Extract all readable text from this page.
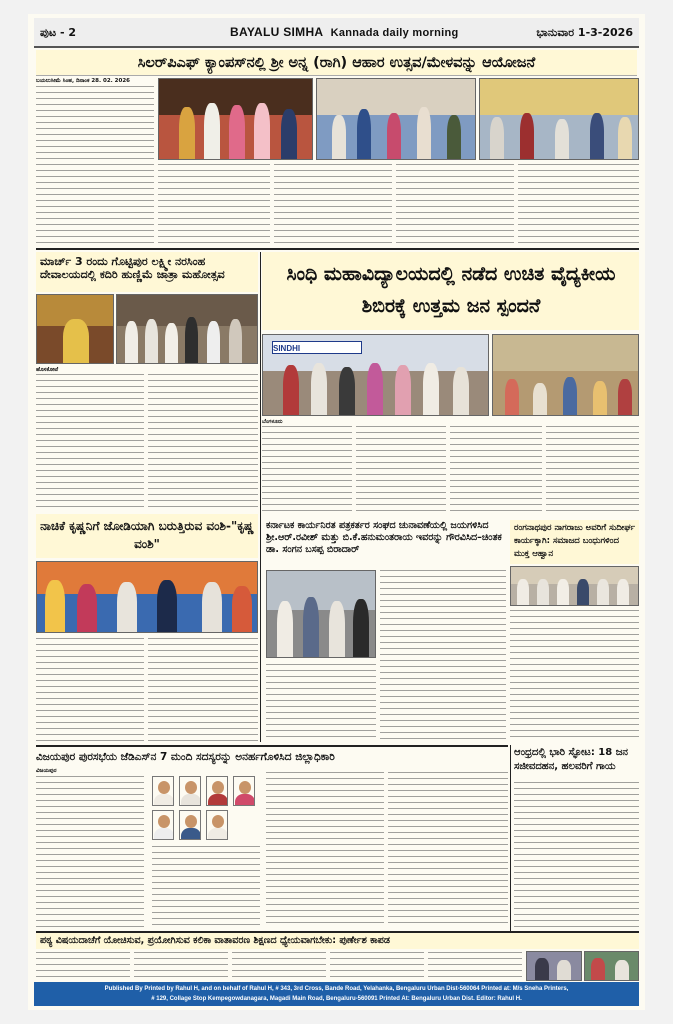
ಪುಟ - 2	BAYALU SIMHA Kannada daily morning	ಭಾನುವಾರ 1-3-2026
ಸಿಲರ್‌ಪಿಎಫ್ ಕ್ಯಾಂಪಸ್‌ನಲ್ಲಿ ಶ್ರೀ ಅನ್ನ (ರಾಗಿ) ಆಹಾರ ಉತ್ಸವ/ಮೇಳವನ್ನು ಆಯೋಜನೆ
ಬಯಲುಸೀಮೆ ಸಿಂಹ, ದಿನಾಂಕ 28. 02. 2026
ಮಾರ್ಚ್ 3 ರಂದು ಗೊಟ್ಟಿಪುರ ಲಕ್ಷ್ಮೀ ನರಸಿಂಹ ದೇವಾಲಯದಲ್ಲಿ ಕದಿರಿ ಹುಣ್ಣಿಮೆ ಜಾತ್ರಾ ಮಹೋತ್ಸವ
ಹೊಸಕೋಟೆ
ಸಿಂಧಿ ಮಹಾವಿದ್ಯಾಲಯದಲ್ಲಿ ನಡೆದ ಉಚಿತ ವೈದ್ಯಕೀಯ ಶಿಬಿರಕ್ಕೆ ಉತ್ತಮ ಜನ ಸ್ಪಂದನೆ
SINDHI
ಬೆಂಗಳೂರು
ನಾಚಿಕೆ ಕೃಷ್ಣನಿಗೆ ಜೋಡಿಯಾಗಿ ಬರುತ್ತಿರುವ ವಂಶಿ-"ಕೃಷ್ಣ ವಂಶಿ"
ಕರ್ನಾಟಕ ಕಾರ್ಯನಿರತ ಪತ್ರಕರ್ತರ ಸಂಘದ ಚುನಾವಣೆಯಲ್ಲಿ ಜಯಗಳಿಸಿದ ಶ್ರೀ.ಆರ್.ರವೀಶ್ ಮತ್ತು ಬಿ.ಕೆ.ಹನುಮಂತರಾಯ ಇವರನ್ನು ಗೌರವಿಸಿದ–ಚಿಂತಕ ಡಾ. ಸಂಗನ ಬಸಪ್ಪ ಬಿರಾದಾರ್
ರಂಗನಾಥಪುರ ನಾಗರಾಜು ಅವರಿಗೆ ಸುದೀರ್ಘ ಕಾರ್ಯಕ್ಕಾಗಿ: ಸಮಾಜದ ಬಂಧುಗಳಿಂದ ಮುಕ್ತ ಆಹ್ವಾನ
ವಿಜಯಪುರ ಪುರಸಭೆಯ ಜೆಡಿಎಸ್‌ನ 7 ಮಂದಿ ಸದಸ್ಯರನ್ನು ಅನರ್ಹಗೊಳಿಸಿದ ಜಿಲ್ಲಾಧಿಕಾರಿ
ವಿಜಯಪುರ
ಆಂಧ್ರದಲ್ಲಿ ಭಾರಿ ಸ್ಫೋಟ: 18 ಜನ ಸಜೀವದಹನ, ಹಲವರಿಗೆ ಗಾಯ
ಪಠ್ಯ ವಿಷಯದಾಚೆಗೆ ಯೋಚಿಸುವ, ಪ್ರಯೋಗಿಸುವ ಕಲಿಕಾ ವಾತಾವರಣ ಶಿಕ್ಷಣದ ಧ್ಯೇಯವಾಗಬೇಕು: ಪುರ್ಣೇಶ ಕಾಪಡ
Published By Printed by Rahul H, and on behalf of Rahul H, # 343, 3rd Cross, Bande Road, Yelahanka, Bengaluru Urban Dist-560064 Printed at: M/s Sneha Printers,
# 129, Collage Stop Kempegowdanagara, Magadi Main Road, Bengaluru-560091 Printed At: Bengaluru Urban Dist. Editor: Rahul H.
